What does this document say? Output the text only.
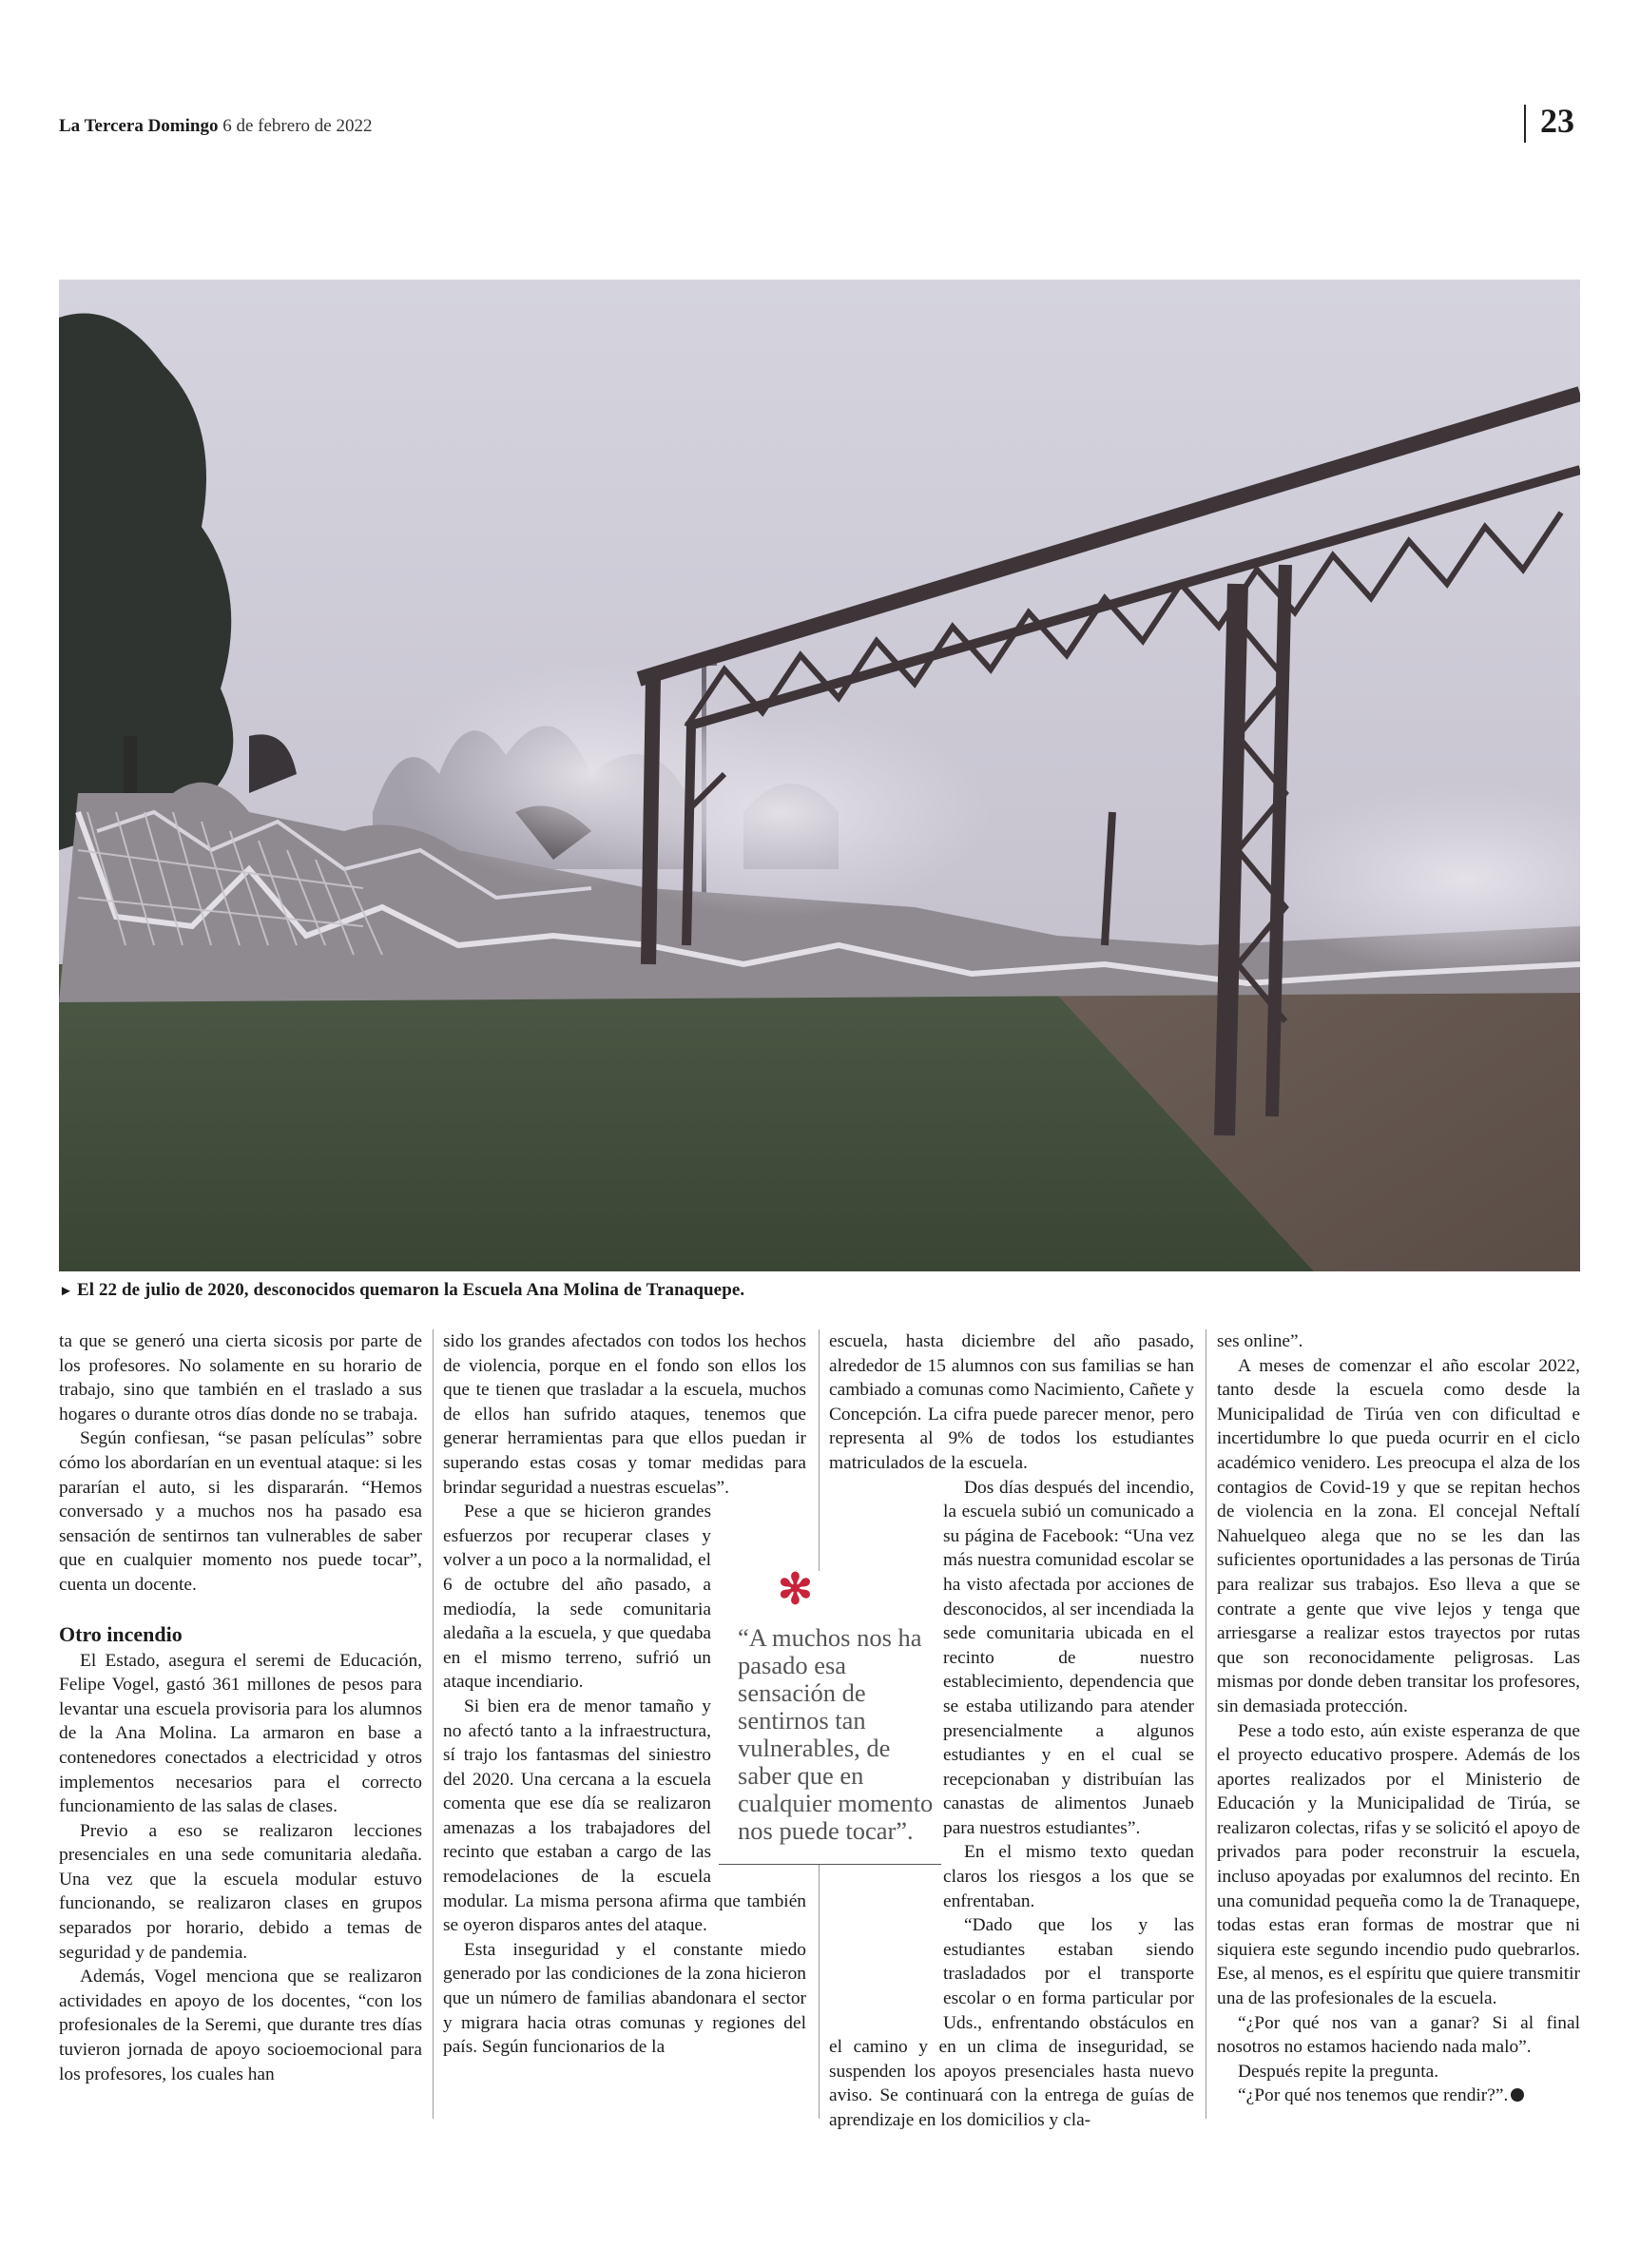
La Tercera Domingo 6 de febrero de 2022	23
► El 22 de julio de 2020, desconocidos quemaron la Escuela Ana Molina de Tranaquepe.

ta que se generó una cierta sicosis por parte de los profesores. No solamente en su horario de trabajo, sino que también en el traslado a sus hogares o durante otros días donde no se trabaja.

Según confiesan, “se pasan películas” sobre cómo los abordarían en un eventual ataque: si les pararían el auto, si les dispararán. “Hemos conversado y a muchos nos ha pasado esa sensación de sentirnos tan vulnerables de saber que en cualquier momento nos puede tocar”, cuenta un docente.

Otro incendio

El Estado, asegura el seremi de Educación, Felipe Vogel, gastó 361 millones de pesos para levantar una escuela provisoria para los alumnos de la Ana Molina. La armaron en base a contenedores conectados a electricidad y otros implementos necesarios para el correcto funcionamiento de las salas de clases.

Previo a eso se realizaron lecciones presenciales en una sede comunitaria aledaña. Una vez que la escuela modular estuvo funcionando, se realizaron clases en grupos separados por horario, debido a temas de seguridad y de pandemia.

Además, Vogel menciona que se realizaron actividades en apoyo de los docentes, “con los profesionales de la Seremi, que durante tres días tuvieron jornada de apoyo socioemocional para los profesores, los cuales han

sido los grandes afectados con todos los hechos de violencia, porque en el fondo son ellos los que te tienen que trasladar a la escuela, muchos de ellos han sufrido ataques, tenemos que generar herramientas para que ellos puedan ir superando estas cosas y tomar medidas para brindar seguridad a nuestras escuelas”.

Pese a que se hicieron grandes esfuerzos por recuperar clases y volver a un poco a la normalidad, el 6 de octubre del año pasado, a mediodía, la sede comunitaria aledaña a la escuela, y que quedaba en el mismo terreno, sufrió un ataque incendiario.

Si bien era de menor tamaño y no afectó tanto a la infraestructura, sí trajo los fantasmas del siniestro del 2020. Una cercana a la escuela comenta que ese día se realizaron amenazas a los trabajadores del recinto que estaban a cargo de las remodelaciones de la escuela modular. La misma persona afirma que también se oyeron disparos antes del ataque.

Esta inseguridad y el constante miedo generado por las condiciones de la zona hicieron que un número de familias abandonara el sector y migrara hacia otras comunas y regiones del país. Según funcionarios de la

escuela, hasta diciembre del año pasado, alrededor de 15 alumnos con sus familias se han cambiado a comunas como Nacimiento, Cañete y Concepción. La cifra puede parecer menor, pero representa al 9% de todos los estudiantes matriculados de la escuela.

Dos días después del incendio, la escuela subió un comunicado a su página de Facebook: “Una vez más nuestra comunidad escolar se ha visto afectada por acciones de desconocidos, al ser incendiada la sede comunitaria ubicada en el recinto de nuestro establecimiento, dependencia que se estaba utilizando para atender presencialmente a algunos estudiantes y en el cual se recepcionaban y distribuían las canastas de alimentos Junaeb para nuestros estudiantes”.

En el mismo texto quedan claros los riesgos a los que se enfrentaban.

“Dado que los y las estudiantes estaban siendo trasladados por el transporte escolar o en forma particular por Uds., enfrentando obstáculos en el camino y en un clima de inseguridad, se suspenden los apoyos presenciales hasta nuevo aviso. Se continuará con la entrega de guías de aprendizaje en los domicilios y cla-

ses online”.

A meses de comenzar el año escolar 2022, tanto desde la escuela como desde la Municipalidad de Tirúa ven con dificultad e incertidumbre lo que pueda ocurrir en el ciclo académico venidero. Les preocupa el alza de los contagios de Covid-19 y que se repitan hechos de violencia en la zona. El concejal Neftalí Nahuelqueo alega que no se les dan las suficientes oportunidades a las personas de Tirúa para realizar sus trabajos. Eso lleva a que se contrate a gente que vive lejos y tenga que arriesgarse a realizar estos trayectos por rutas que son reconocidamente peligrosas. Las mismas por donde deben transitar los profesores, sin demasiada protección.

Pese a todo esto, aún existe esperanza de que el proyecto educativo prospere. Además de los aportes realizados por el Ministerio de Educación y la Municipalidad de Tirúa, se realizaron colectas, rifas y se solicitó el apoyo de privados para poder reconstruir la escuela, incluso apoyadas por exalumnos del recinto. En una comunidad pequeña como la de Tranaquepe, todas estas eran formas de mostrar que ni siquiera este segundo incendio pudo quebrarlos. Ese, al menos, es el espíritu que quiere transmitir una de las profesionales de la escuela.

“¿Por qué nos van a ganar? Si al final nosotros no estamos haciendo nada malo”.

Después repite la pregunta.

“¿Por qué nos tenemos que rendir?”.

✻
“A muchos nos ha pasado esa sensación de sentirnos tan vulnerables, de saber que en cualquier momento nos puede tocar”.
